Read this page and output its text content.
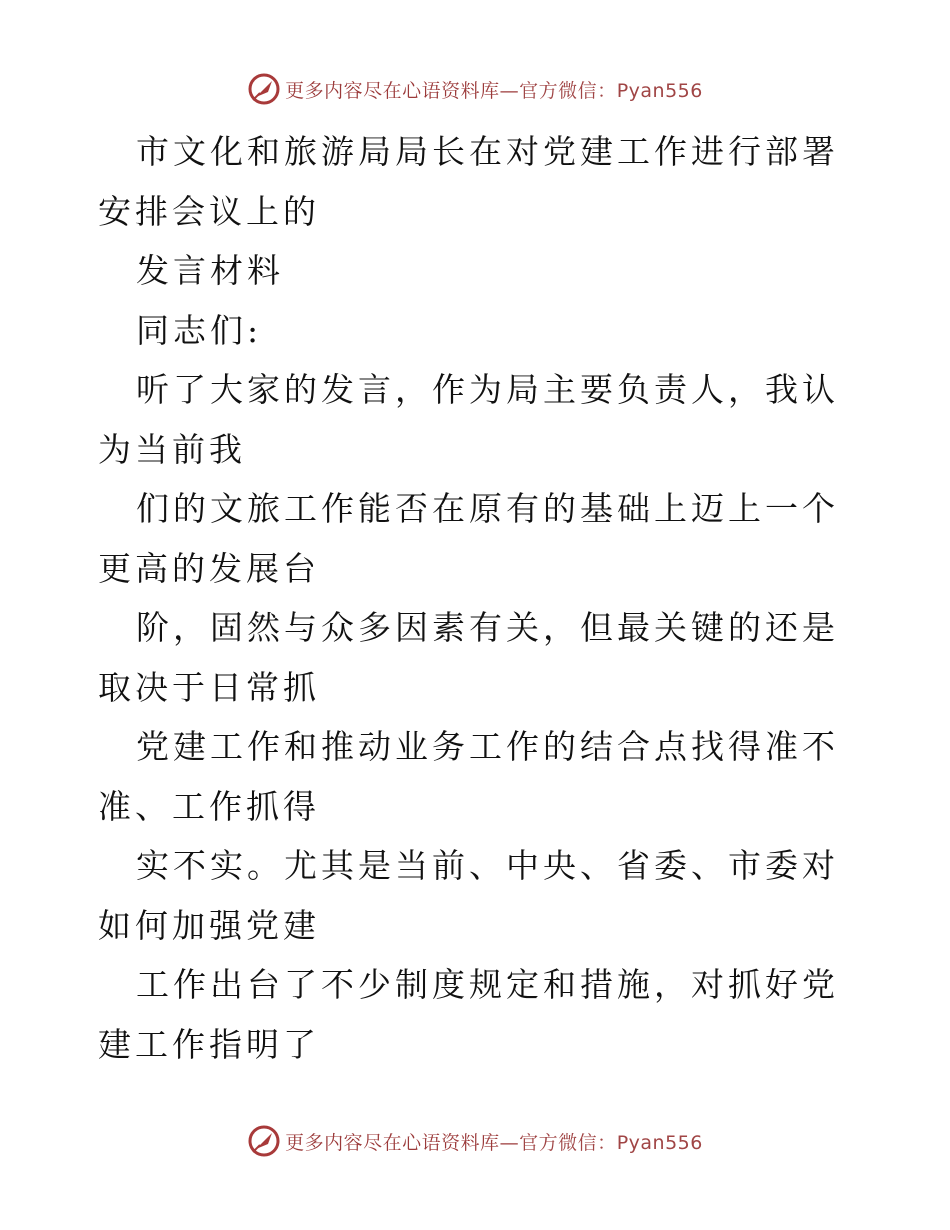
更多内容尽在心语资料库—官方微信：Pyan556

市文化和旅游局局长在对党建工作进行部署安排会议上的

发言材料

同志们:

听了大家的发言，作为局主要负责人，我认为当前我

们的文旅工作能否在原有的基础上迈上一个更高的发展台

阶，固然与众多因素有关，但最关键的还是取决于日常抓

党建工作和推动业务工作的结合点找得准不准、工作抓得

实不实。尤其是当前、中央、省委、市委对如何加强党建

工作出台了不少制度规定和措施，对抓好党建工作指明了

更多内容尽在心语资料库—官方微信：Pyan556
